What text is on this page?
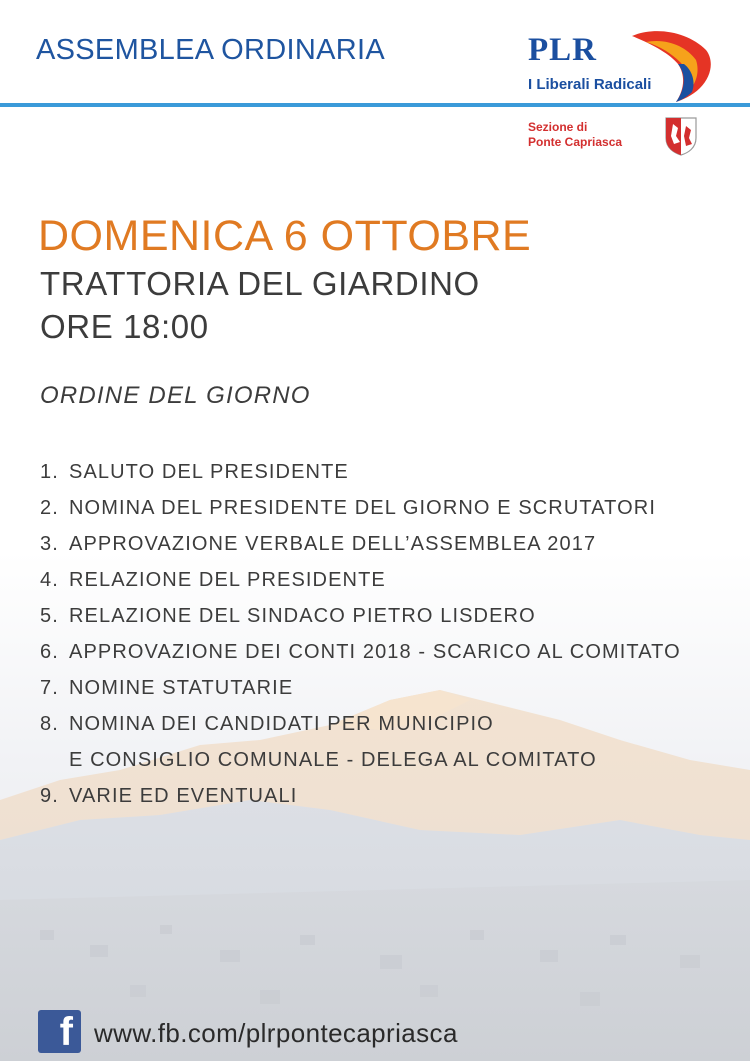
ASSEMBLEA ORDINARIA	PLR
I Liberali Radicali
Sezione di
Ponte Capriasca
DOMENICA 6 OTTOBRE
TRATTORIA DEL GIARDINO
ORE 18:00
ORDINE DEL GIORNO
1. SALUTO DEL PRESIDENTE
2. NOMINA DEL PRESIDENTE DEL GIORNO E SCRUTATORI
3. APPROVAZIONE VERBALE DELL’ASSEMBLEA 2017
4. RELAZIONE DEL PRESIDENTE
5. RELAZIONE DEL SINDACO PIETRO LISDERO
6. APPROVAZIONE DEI CONTI 2018 - SCARICO AL COMITATO
7. NOMINE STATUTARIE
8. NOMINA DEI CANDIDATI PER MUNICIPIO
E CONSIGLIO COMUNALE - DELEGA AL COMITATO
9. VARIE ED EVENTUALI
f www.fb.com/plrpontecapriasca
